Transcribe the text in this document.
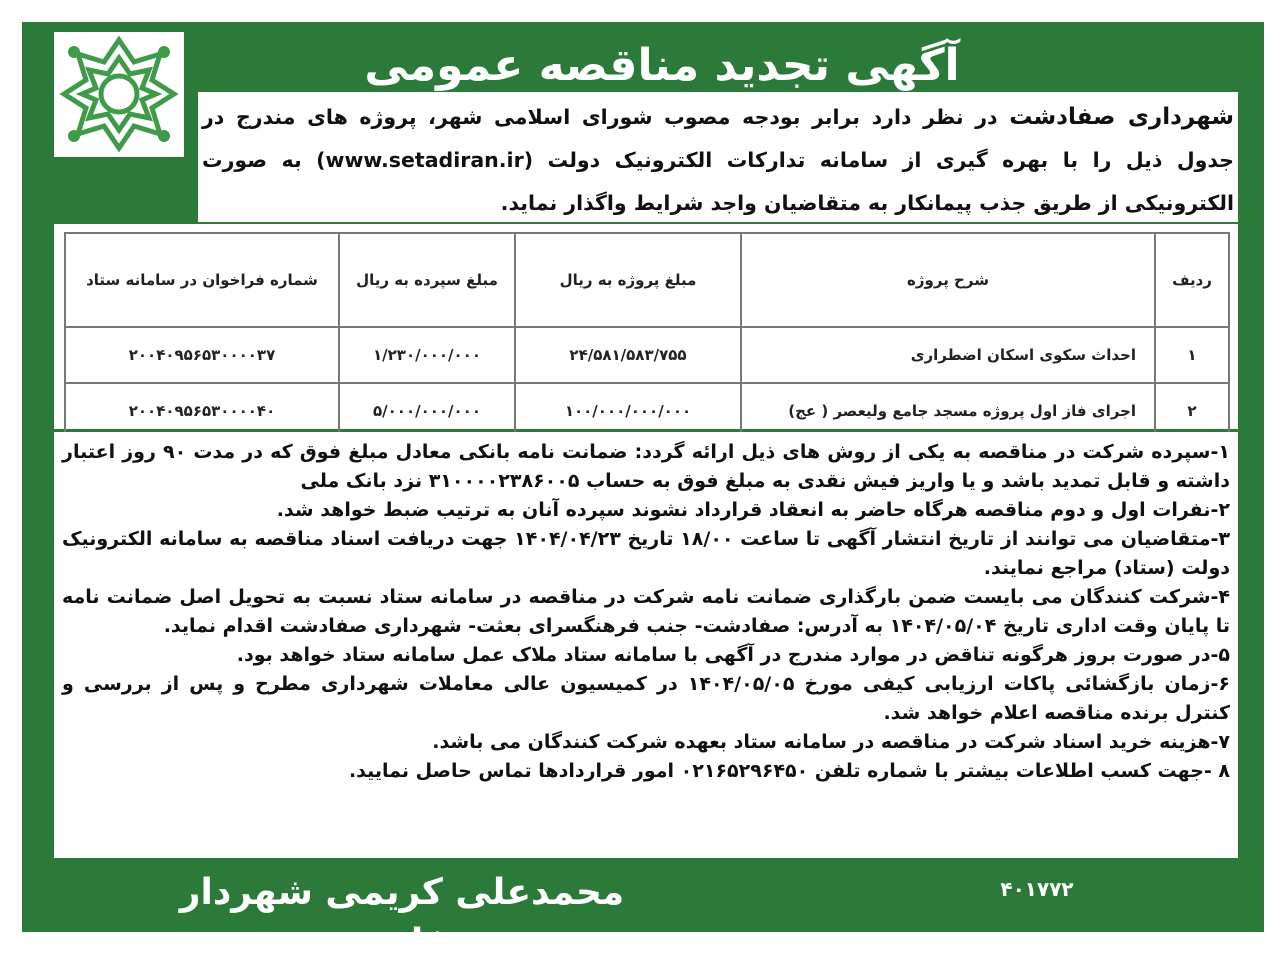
آگهی تجدید مناقصه عمومی
شهرداری صفادشت در نظر دارد برابر بودجه مصوب شورای اسلامی شهر، پروژه های مندرج در جدول ذیل را با بهره گیری از سامانه تدارکات الکترونیک دولت (www.setadiran.ir) به صورت الکترونیکی از طریق جذب پیمانکار به متقاضیان واجد شرایط واگذار نماید.
ردیف	شرح پروژه	مبلغ پروژه به ریال	مبلغ سپرده به ریال	شماره فراخوان در سامانه ستاد
۱	احداث سکوی اسکان اضطراری	۲۴/۵۸۱/۵۸۳/۷۵۵	۱/۲۳۰/۰۰۰/۰۰۰	۲۰۰۴۰۹۵۶۵۳۰۰۰۰۳۷
۲	اجرای فاز اول پروژه مسجد جامع ولیعصر ( عج)	۱۰۰/۰۰۰/۰۰۰/۰۰۰	۵/۰۰۰/۰۰۰/۰۰۰	۲۰۰۴۰۹۵۶۵۳۰۰۰۰۴۰

۱-سپرده شرکت در مناقصه به یکی از روش های ذیل ارائه گردد: ضمانت نامه بانکی معادل مبلغ فوق که در مدت ۹۰ روز اعتبار داشته و قابل تمدید باشد و یا واریز فیش نقدی به مبلغ فوق به حساب ۳۱۰۰۰۰۲۳۸۶۰۰۵ نزد بانک ملی

۲-نفرات اول و دوم مناقصه هرگاه حاضر به انعقاد قرارداد نشوند سپرده آنان به ترتیب ضبط خواهد شد.

۳-متقاضیان می توانند از تاریخ انتشار آگهی تا ساعت ۱۸/۰۰ تاریخ ۱۴۰۴/۰۴/۲۳ جهت دریافت اسناد مناقصه به سامانه الکترونیک دولت (ستاد) مراجع نمایند.

۴-شرکت کنندگان می بایست ضمن بارگذاری ضمانت نامه شرکت در مناقصه در سامانه ستاد نسبت به تحویل اصل ضمانت نامه تا پایان وقت اداری تاریخ ۱۴۰۴/۰۵/۰۴ به آدرس: صفادشت- جنب فرهنگسرای بعثت- شهرداری صفادشت اقدام نماید.

۵-در صورت بروز هرگونه تناقض در موارد مندرج در آگهی با سامانه ستاد ملاک عمل سامانه ستاد خواهد بود.

۶-زمان بازگشائی پاکات ارزیابی کیفی مورخ ۱۴۰۴/۰۵/۰۵ در کمیسیون عالی معاملات شهرداری مطرح و پس از بررسی و کنترل برنده مناقصه اعلام خواهد شد.

۷-هزینه خرید اسناد شرکت در مناقصه در سامانه ستاد بعهده شرکت کنندگان می باشد.

۸ -جهت کسب اطلاعات بیشتر با شماره تلفن ۰۲۱۶۵۲۹۶۴۵۰ امور قراردادها تماس حاصل نمایید.

محمدعلی کریمی شهردار صفادشت
۴۰۱۷۷۲
